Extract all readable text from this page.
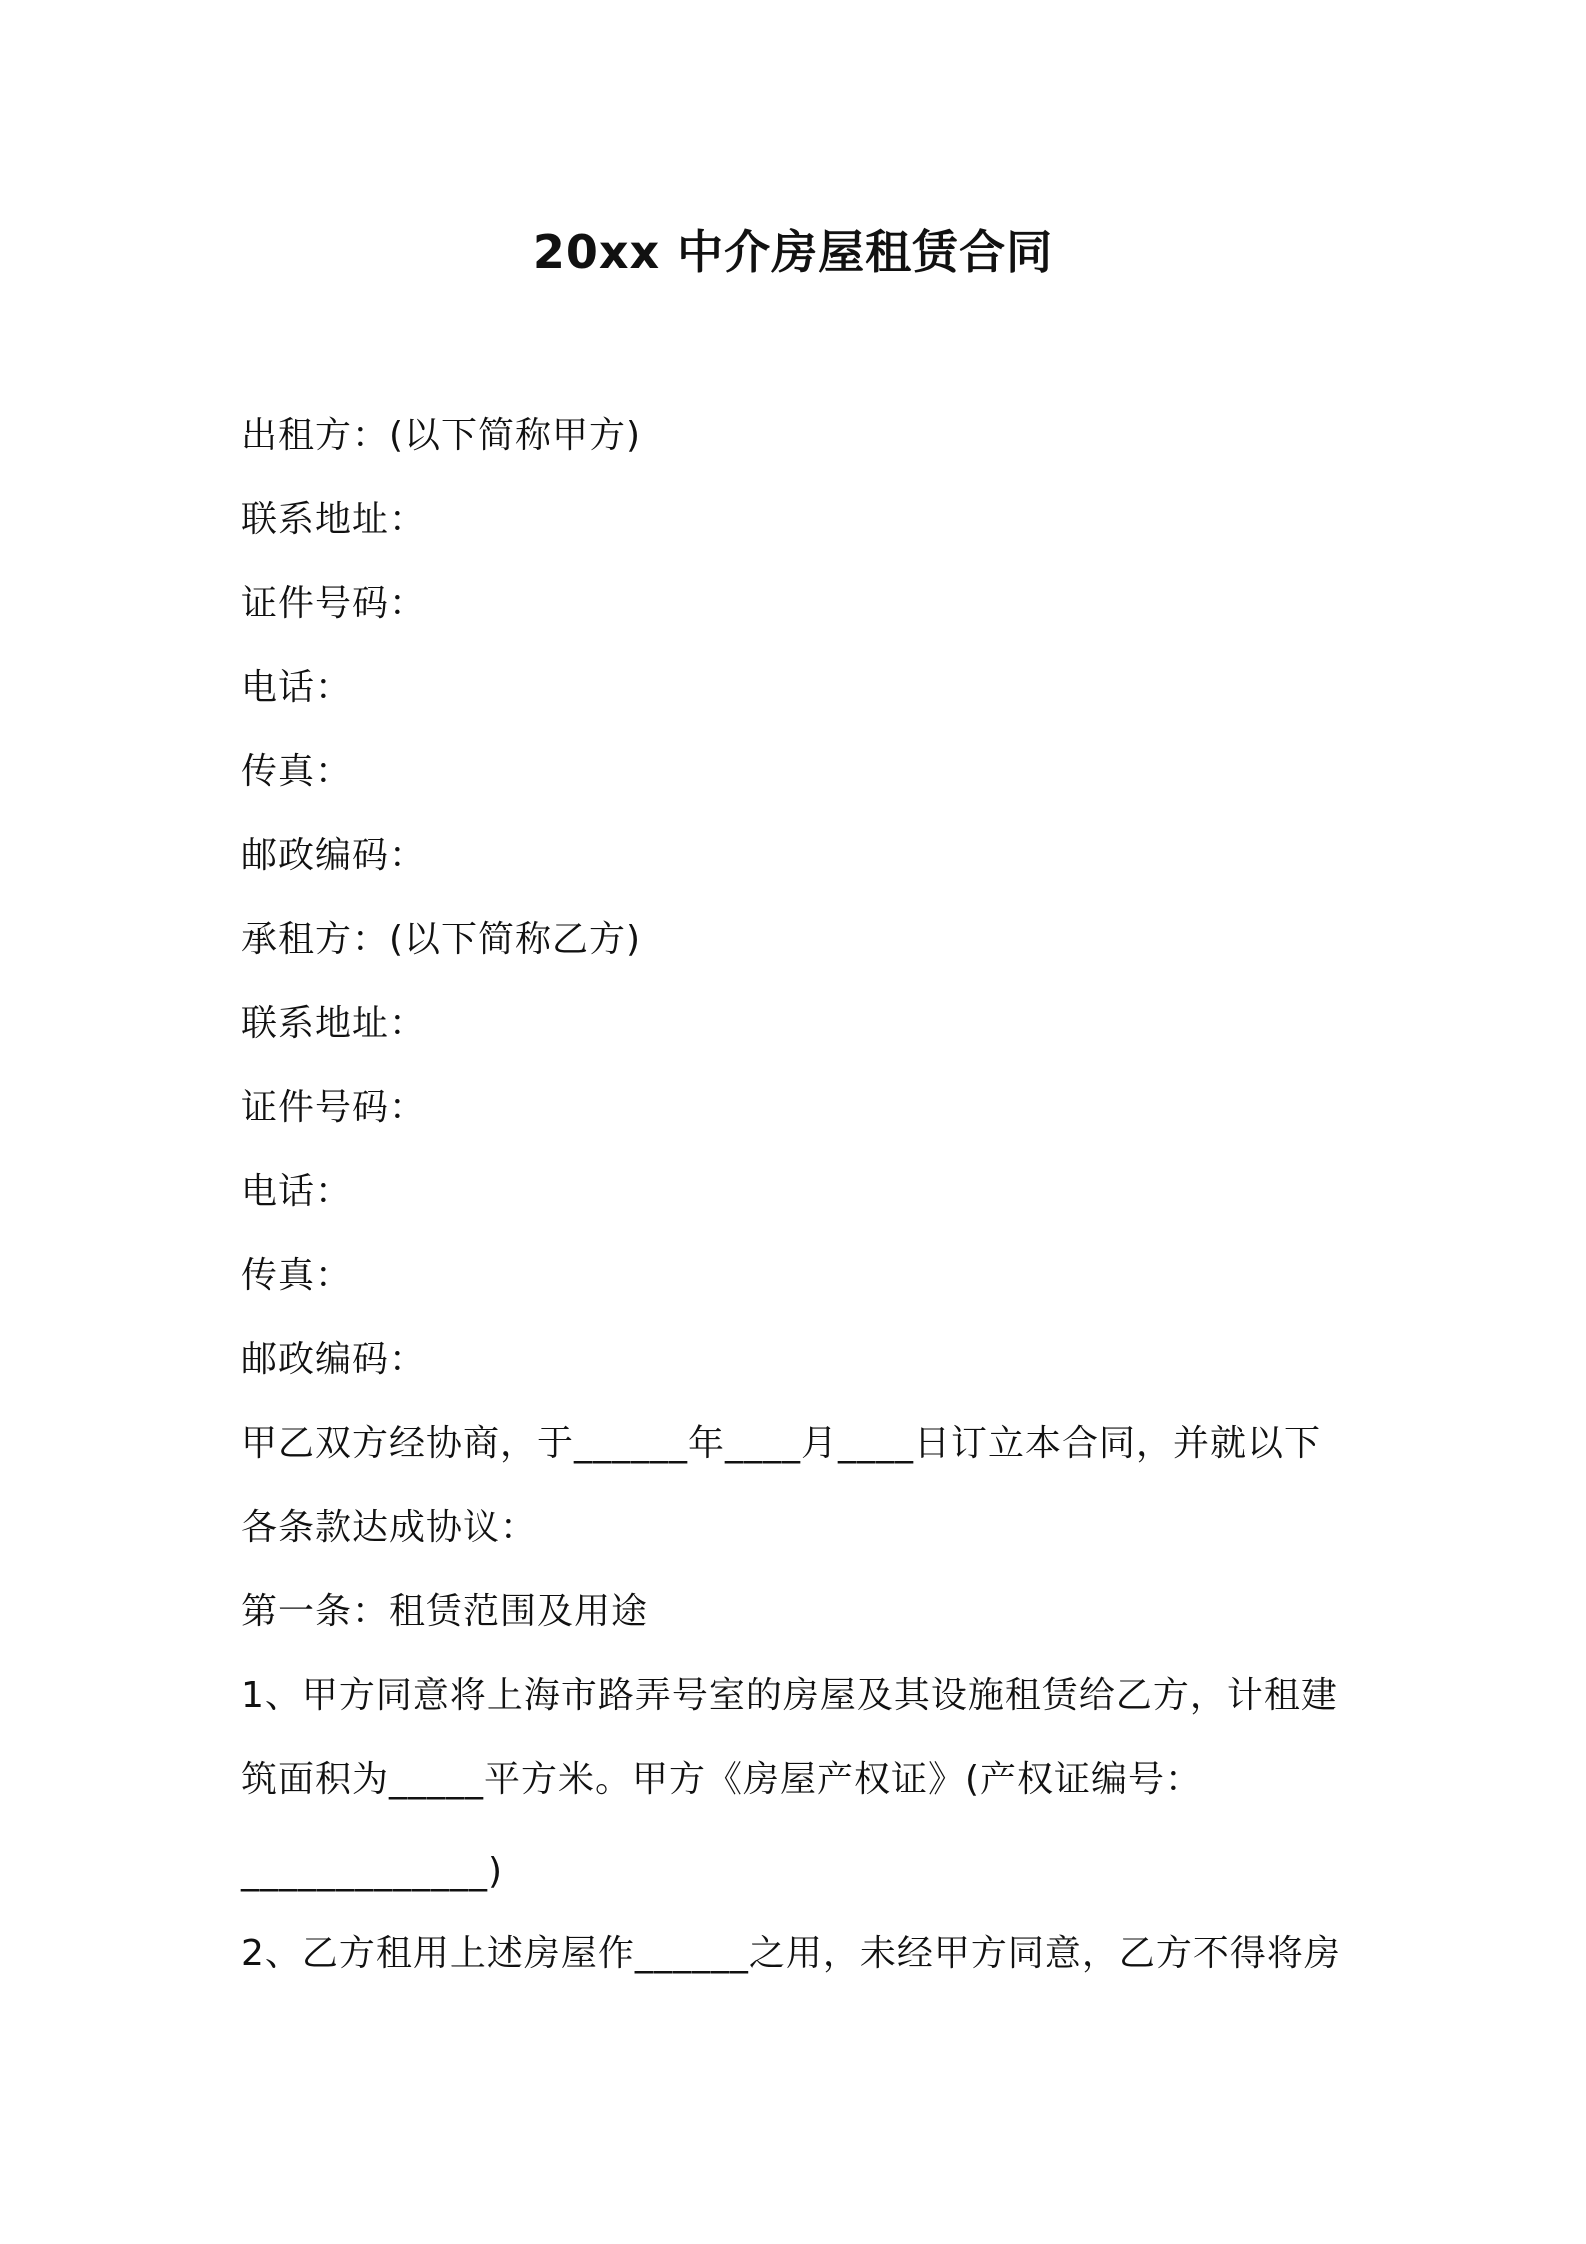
20xx 中介房屋租赁合同
出租方：(以下简称甲方)
联系地址：
证件号码：
电话：
传真：
邮政编码：
承租方：(以下简称乙方)
联系地址：
证件号码：
电话：
传真：
邮政编码：
甲乙双方经协商，于______年____月____日订立本合同，并就以下
各条款达成协议：
第一条：租赁范围及用途
1、甲方同意将上海市路弄号室的房屋及其设施租赁给乙方，计租建
筑面积为_____平方米。甲方《房屋产权证》(产权证编号：
_____________)
2、乙方租用上述房屋作______之用，未经甲方同意，乙方不得将房
